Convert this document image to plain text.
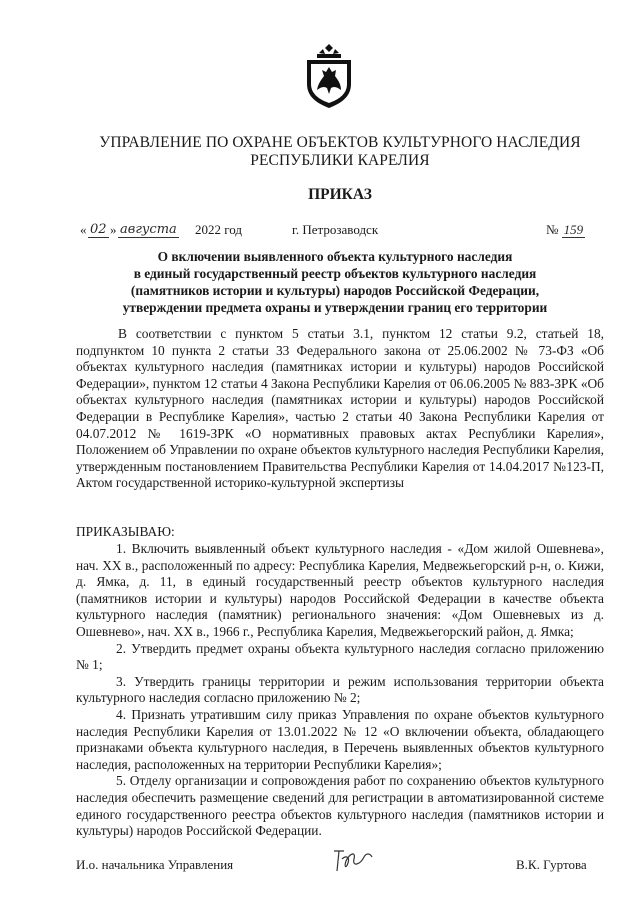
УПРАВЛЕНИЕ ПО ОХРАНЕ ОБЪЕКТОВ КУЛЬТУРНОГО НАСЛЕДИЯ
РЕСПУБЛИКИ КАРЕЛИЯ
ПРИКАЗ
« 02 » августа 2022 год	г. Петрозаводск	№ 159
О включении выявленного объекта культурного наследия
в единый государственный реестр объектов культурного наследия
(памятников истории и культуры) народов Российской Федерации,
утверждении предмета охраны и утверждении границ его территории

В соответствии с пунктом 5 статьи 3.1, пунктом 12 статьи 9.2, статьей 18, подпунктом 10 пункта 2 статьи 33 Федерального закона от 25.06.2002 № 73-ФЗ «Об объектах культурного наследия (памятниках истории и культуры) народов Российской Федерации», пунктом 12 статьи 4 Закона Республики Карелия от 06.06.2005 № 883-ЗРК «Об объектах культурного наследия (памятниках истории и культуры) народов Российской Федерации в Республике Карелия», частью 2 статьи 40 Закона Республики Карелия от 04.07.2012 № 1619-ЗРК «О нормативных правовых актах Республики Карелия», Положением об Управлении по охране объектов культурного наследия Республики Карелия, утвержденным постановлением Правительства Республики Карелия от 14.04.2017 №123-П, Актом государственной историко-культурной экспертизы

ПРИКАЗЫВАЮ:

1. Включить выявленный объект культурного наследия - «Дом жилой Ошевнева», нач. XX в., расположенный по адресу: Республика Карелия, Медвежьегорский р-н, о. Кижи, д. Ямка, д. 11, в единый государственный реестр объектов культурного наследия (памятников истории и культуры) народов Российской Федерации в качестве объекта культурного наследия (памятник) регионального значения: «Дом Ошевневых из д. Ошевнево», нач. XX в., 1966 г., Республика Карелия, Медвежьегорский район, д. Ямка;

2. Утвердить предмет охраны объекта культурного наследия согласно приложению № 1;

3. Утвердить границы территории и режим использования территории объекта культурного наследия согласно приложению № 2;

4. Признать утратившим силу приказ Управления по охране объектов культурного наследия Республики Карелия от 13.01.2022 № 12 «О включении объекта, обладающего признаками объекта культурного наследия, в Перечень выявленных объектов культурного наследия, расположенных на территории Республики Карелия»;

5. Отделу организации и сопровождения работ по сохранению объектов культурного наследия обеспечить размещение сведений для регистрации в автоматизированной системе единого государственного реестра объектов культурного наследия (памятников истории и культуры) народов Российской Федерации.

И.о. начальника Управления	В.К. Гуртова
